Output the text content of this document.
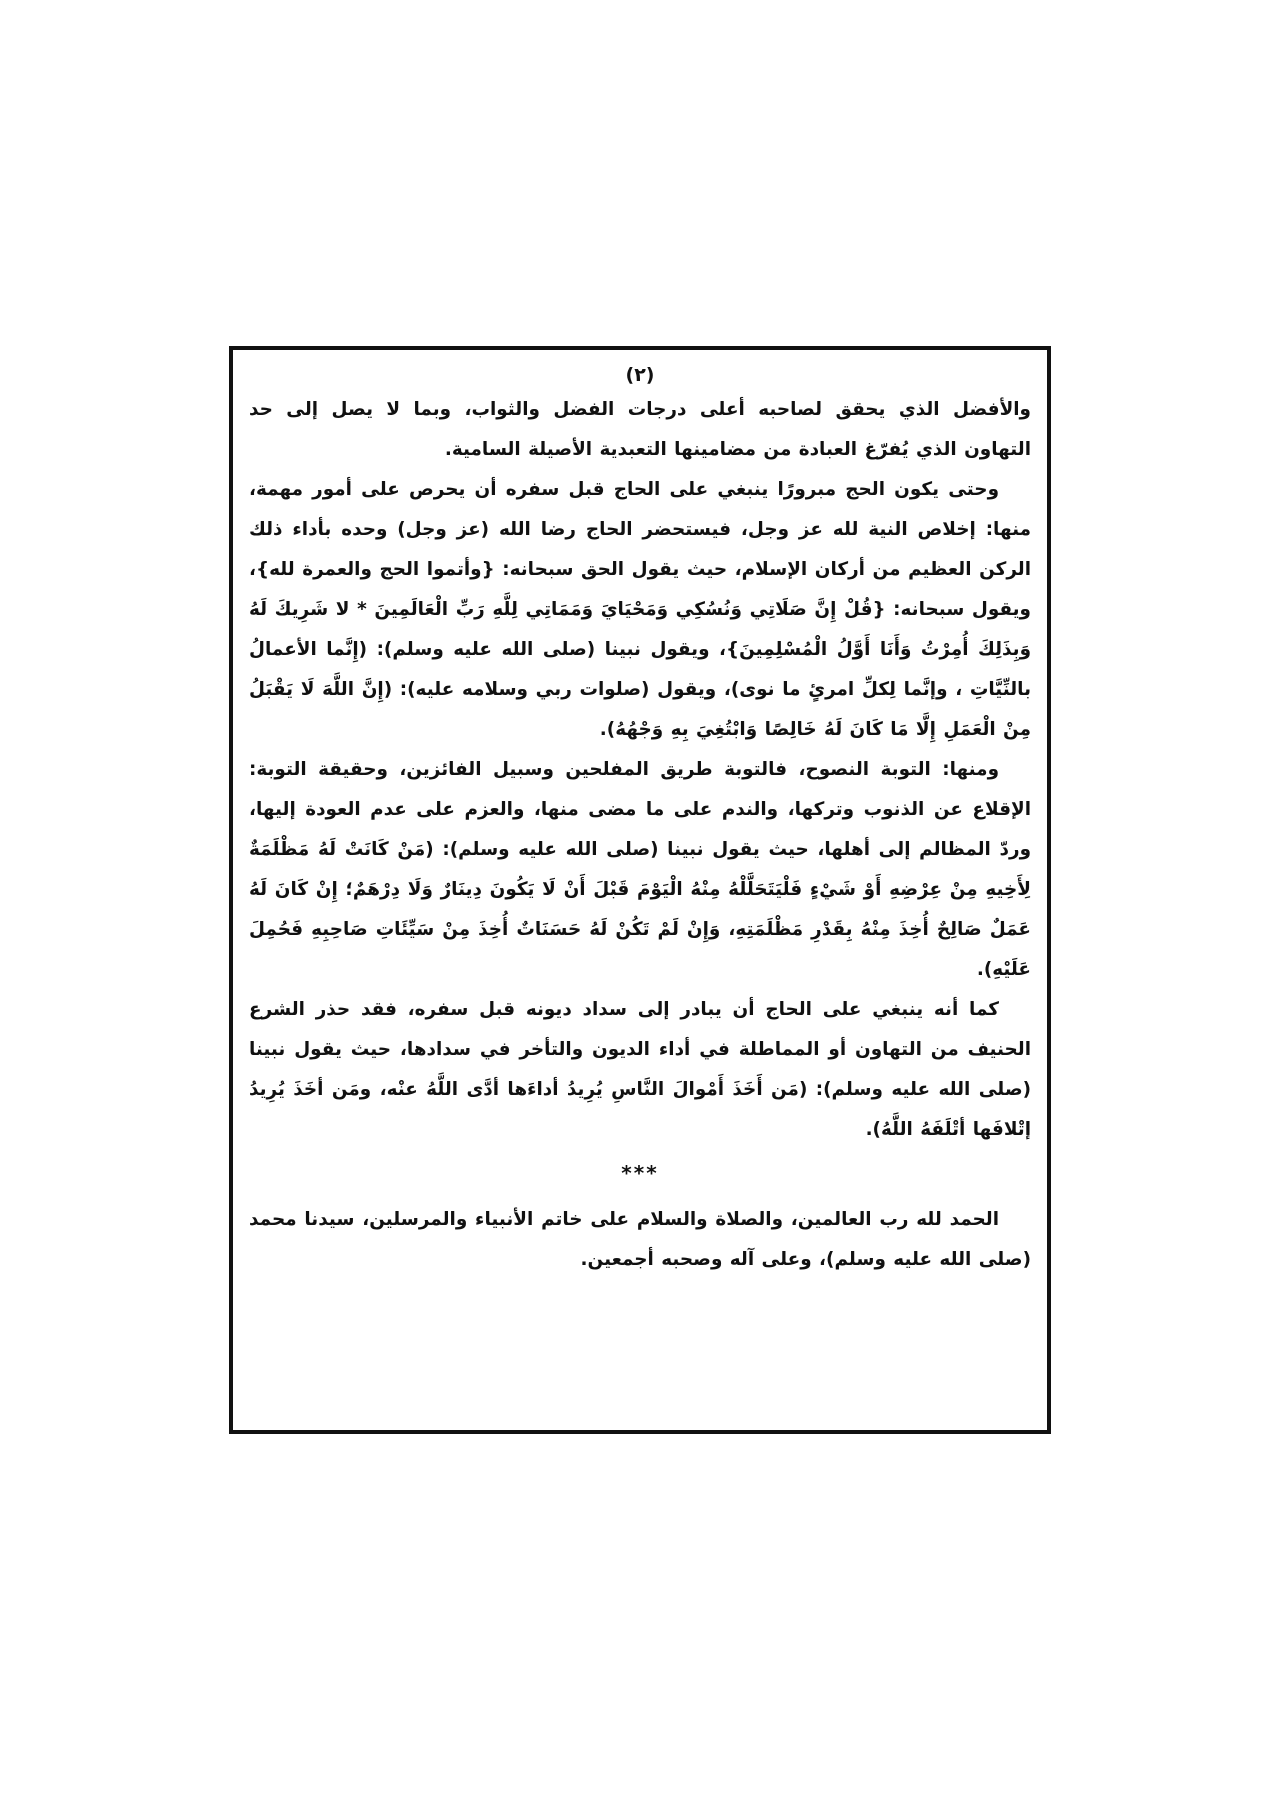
(٢)

والأفضل الذي يحقق لصاحبه أعلى درجات الفضل والثواب، وبما لا يصل إلى حد التهاون الذي يُفرّغ العبادة من مضامينها التعبدية الأصيلة السامية.

وحتى يكون الحج مبرورًا ينبغي على الحاج قبل سفره أن يحرص على أمور مهمة، منها: إخلاص النية لله عز وجل، فيستحضر الحاج رضا الله (عز وجل) وحده بأداء ذلك الركن العظيم من أركان الإسلام، حيث يقول الحق سبحانه: {وأتموا الحج والعمرة لله}، ويقول سبحانه: {قُلْ إِنَّ صَلَاتِي وَنُسُكِي وَمَحْيَايَ وَمَمَاتِي لِلَّهِ رَبِّ الْعَالَمِينَ * لا شَرِيكَ لَهُ وَبِذَلِكَ أُمِرْتُ وَأَنَا أَوَّلُ الْمُسْلِمِينَ}، ويقول نبينا (صلى الله عليه وسلم): (إِنَّما الأعمالُ بالنِّيَّاتِ ، وإنَّما لِكلِّ امرئٍ ما نوى)، ويقول (صلوات ربي وسلامه عليه): (إِنَّ اللَّهَ لَا يَقْبَلُ مِنْ الْعَمَلِ إِلَّا مَا كَانَ لَهُ خَالِصًا وَابْتُغِيَ بِهِ وَجْهُهُ).

ومنها: التوبة النصوح، فالتوبة طريق المفلحين وسبيل الفائزين، وحقيقة التوبة: الإقلاع عن الذنوب وتركها، والندم على ما مضى منها، والعزم على عدم العودة إليها، وردّ المظالم إلى أهلها، حيث يقول نبينا (صلى الله عليه وسلم): (مَنْ كَانَتْ لَهُ مَظْلَمَةٌ لِأَخِيهِ مِنْ عِرْضِهِ أَوْ شَيْءٍ فَلْيَتَحَلَّلْهُ مِنْهُ الْيَوْمَ قَبْلَ أَنْ لَا يَكُونَ دِينَارٌ وَلَا دِرْهَمٌ؛ إِنْ كَانَ لَهُ عَمَلٌ صَالِحٌ أُخِذَ مِنْهُ بِقَدْرِ مَظْلَمَتِهِ، وَإِنْ لَمْ تَكُنْ لَهُ حَسَنَاتٌ أُخِذَ مِنْ سَيِّئَاتِ صَاحِبِهِ فَحُمِلَ عَلَيْهِ).

كما أنه ينبغي على الحاج أن يبادر إلى سداد ديونه قبل سفره، فقد حذر الشرع الحنيف من التهاون أو المماطلة في أداء الديون والتأخر في سدادها، حيث يقول نبينا (صلى الله عليه وسلم): (مَن أَخَذَ أَمْوالَ النَّاسِ يُرِيدُ أداءَها أدَّى اللَّهُ عنْه، ومَن أخَذَ يُرِيدُ إتْلافَها أتْلَفَهُ اللَّهُ).

***

الحمد لله رب العالمين، والصلاة والسلام على خاتم الأنبياء والمرسلين، سيدنا محمد (صلى الله عليه وسلم)، وعلى آله وصحبه أجمعين.
